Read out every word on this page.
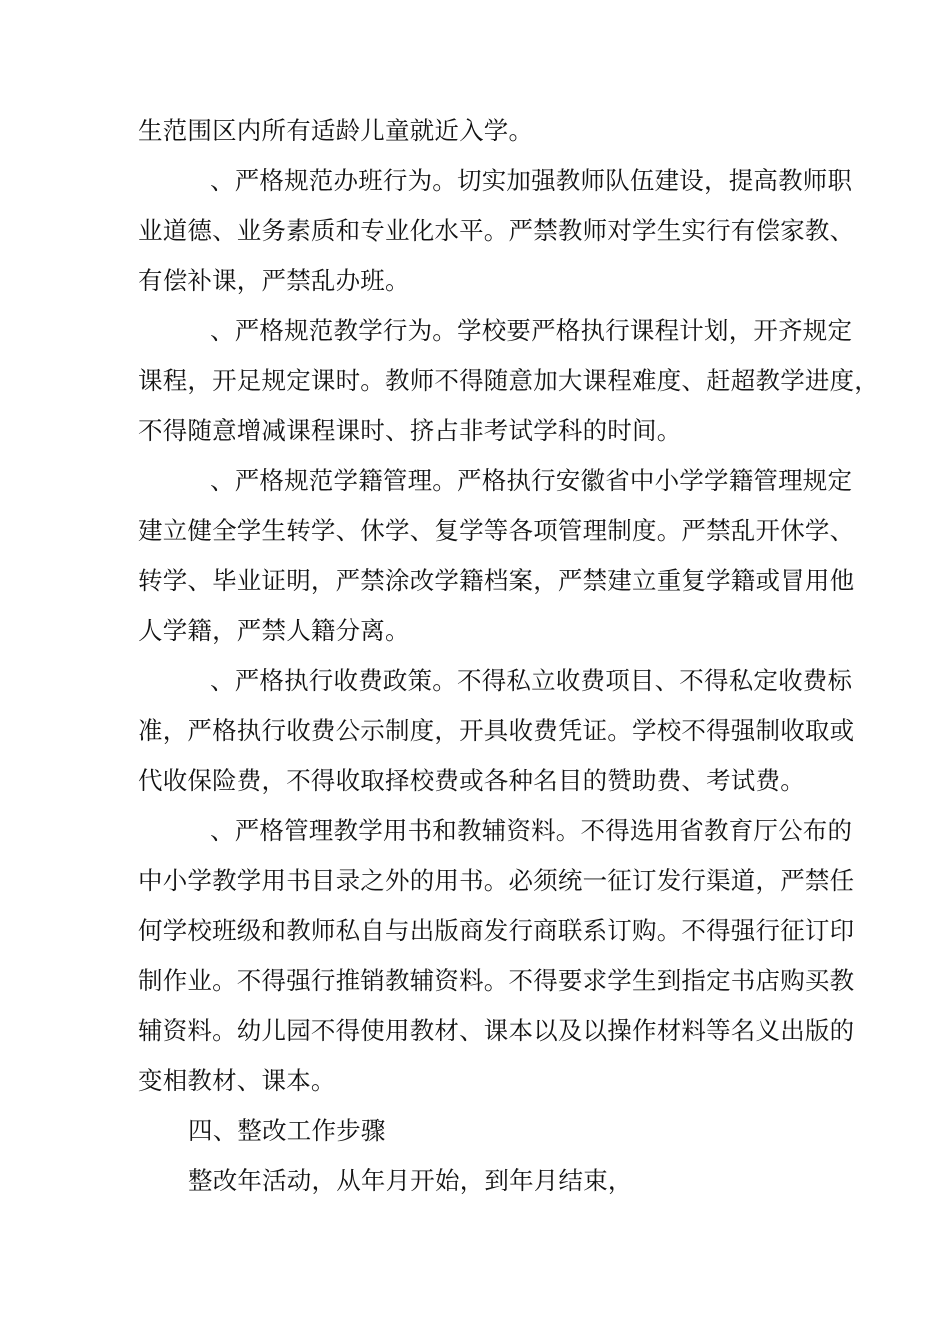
生范围区内所有适龄儿童就近入学。
、严格规范办班行为。切实加强教师队伍建设，提高教师职
业道德、业务素质和专业化水平。严禁教师对学生实行有偿家教、
有偿补课，严禁乱办班。
、严格规范教学行为。学校要严格执行课程计划，开齐规定
课程，开足规定课时。教师不得随意加大课程难度、赶超教学进度，
不得随意增减课程课时、挤占非考试学科的时间。
、严格规范学籍管理。严格执行安徽省中小学学籍管理规定
建立健全学生转学、休学、复学等各项管理制度。严禁乱开休学、
转学、毕业证明，严禁涂改学籍档案，严禁建立重复学籍或冒用他
人学籍，严禁人籍分离。
、严格执行收费政策。不得私立收费项目、不得私定收费标
准，严格执行收费公示制度，开具收费凭证。学校不得强制收取或
代收保险费，不得收取择校费或各种名目的赞助费、考试费。
、严格管理教学用书和教辅资料。不得选用省教育厅公布的
中小学教学用书目录之外的用书。必须统一征订发行渠道，严禁任
何学校班级和教师私自与出版商发行商联系订购。不得强行征订印
制作业。不得强行推销教辅资料。不得要求学生到指定书店购买教
辅资料。幼儿园不得使用教材、课本以及以操作材料等名义出版的
变相教材、课本。
四、整改工作步骤
整改年活动，从年月开始，到年月结束，
